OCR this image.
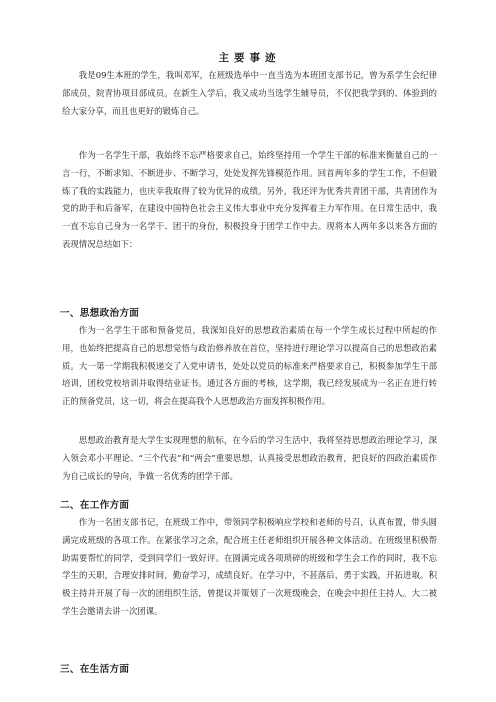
主要事迹

我是09生本班的学生，我叫邓军，在班级选举中一直当选为本班团支部书记，曾为系学生会纪律部成员，院青协项目部成员。在新生入学后，我又成功当选学生辅导员，不仅把我学到的、体验到的给大家分享，而且也更好的锻炼自己。

作为一名学生干部，我始终不忘严格要求自己，始终坚持用一个学生干部的标准来衡量自己的一言一行，不断求知、不断进步、不断学习，处处发挥先锋模范作用。回首两年多的学生工作，不但锻炼了我的实践能力，也庆幸我取得了较为优异的成绩。另外，我还评为优秀共青团干部，共青团作为党的助手和后备军，在建设中国特色社会主义伟大事业中充分发挥着主力军作用。在日常生活中，我一直不忘自己身为一名学干、团干的身份，积极投身于团学工作中去。现将本人两年多以来各方面的表现情况总结如下：

一、思想政治方面

作为一名学生干部和预备党员，我深知良好的思想政治素质在每一个学生成长过程中所起的作用，也始终把提高自己的思想觉悟与政治修养放在首位，坚持进行理论学习以提高自己的思想政治素质。大一第一学期我积极递交了入党申请书，处处以党员的标准来严格要求自己，积极参加学生干部培训，团校党校培训并取得结业证书。通过各方面的考核，这学期，我已经发展成为一名正在进行转正的预备党员，这一切，将会在提高我个人思想政治方面发挥积极作用。

思想政治教育是大学生实现理想的航标，在今后的学习生活中，我将坚持思想政治理论学习，深入领会邓小平理论、“三个代表”和“两会”重要思想，认真接受思想政治教育，把良好的四政治素质作为自己成长的导向，争做一名优秀的团学干部。

二、在工作方面

作为一名团支部书记，在班级工作中，带领同学积极响应学校和老师的号召，认真布置，带头圆满完成班级的各项工作。在紧张学习之余，配合班主任老师组织开展各种文体活动。在班级里积极帮助需要帮忙的同学，受到同学们一致好评。在圆满完成各项琐碎的班级和学生会工作的同时，我不忘学生的天职，合理安排时间，勤奋学习，成绩良好。在学习中，不甚落后，勇于实践，开拓进取。积极主持并开展了每一次的团组织生活，曾提议并策划了一次班级晚会，在晚会中担任主持人。大二被学生会邀请去讲一次团课。

三、在生活方面
